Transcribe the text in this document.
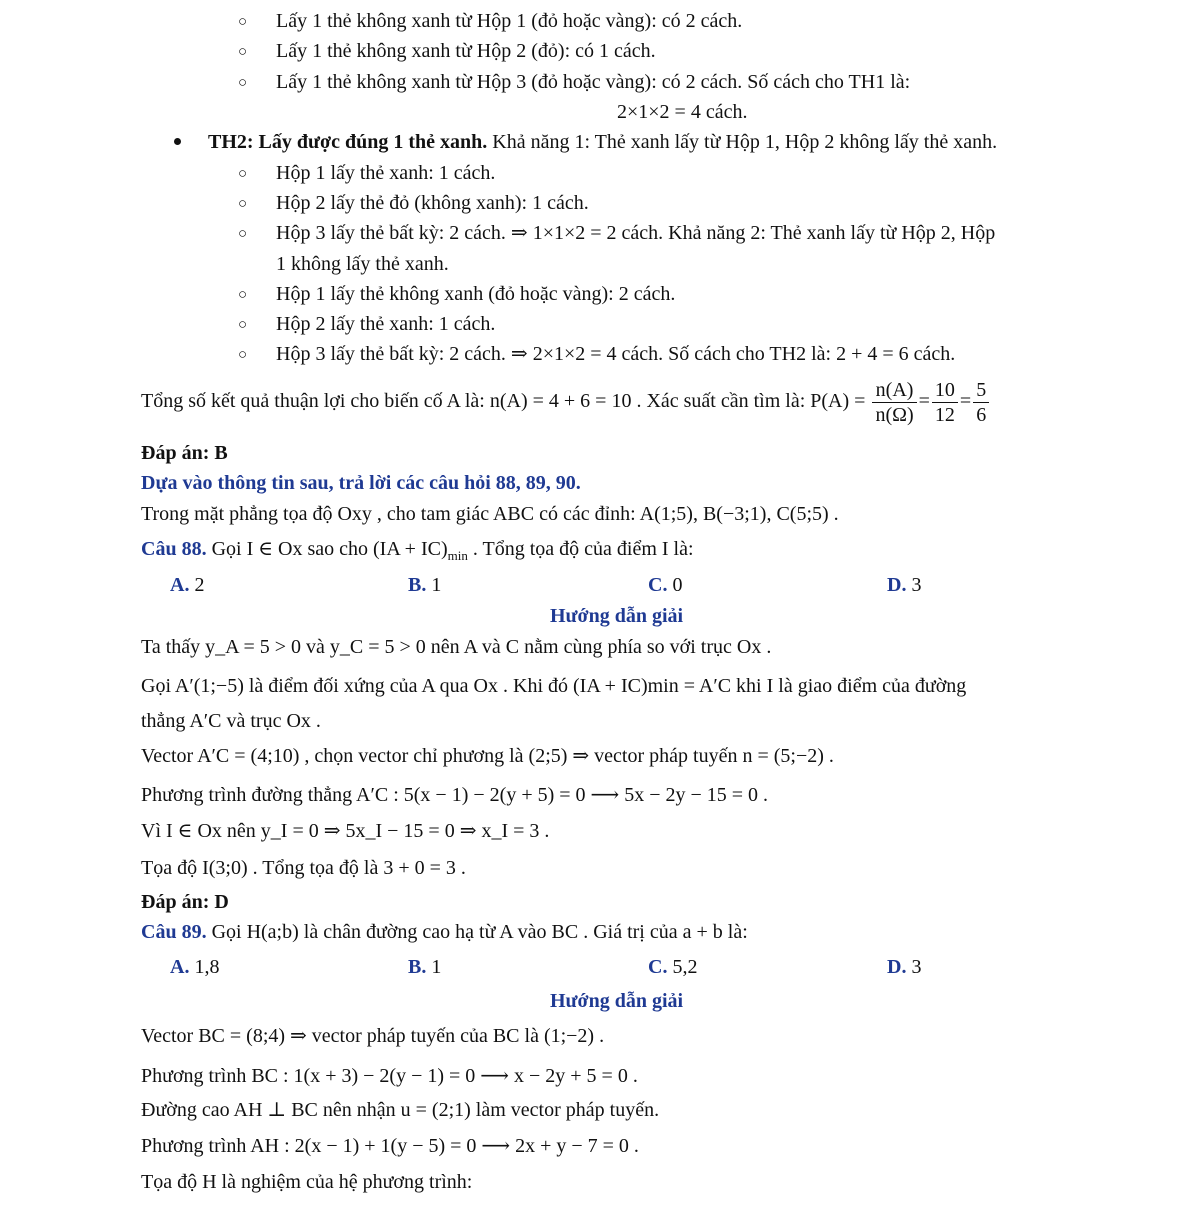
○ Lấy 1 thẻ không xanh từ Hộp 1 (đỏ hoặc vàng): có 2 cách.
○ Lấy 1 thẻ không xanh từ Hộp 2 (đỏ): có 1 cách.
○ Lấy 1 thẻ không xanh từ Hộp 3 (đỏ hoặc vàng): có 2 cách. Số cách cho TH1 là:
2×1×2 = 4 cách.
TH2: Lấy được đúng 1 thẻ xanh. Khả năng 1: Thẻ xanh lấy từ Hộp 1, Hộp 2 không lấy thẻ xanh.
○ Hộp 1 lấy thẻ xanh: 1 cách.
○ Hộp 2 lấy thẻ đỏ (không xanh): 1 cách.
○ Hộp 3 lấy thẻ bất kỳ: 2 cách. ⇒ 1×1×2 = 2 cách. Khả năng 2: Thẻ xanh lấy từ Hộp 2, Hộp
1 không lấy thẻ xanh.
○ Hộp 1 lấy thẻ không xanh (đỏ hoặc vàng): 2 cách.
○ Hộp 2 lấy thẻ xanh: 1 cách.
○ Hộp 3 lấy thẻ bất kỳ: 2 cách. ⇒ 2×1×2 = 4 cách. Số cách cho TH2 là: 2 + 4 = 6 cách.
Tổng số kết quả thuận lợi cho biến cố A là: n(A) = 4 + 6 = 10 . Xác suất cần tìm là: $P(A) = \frac{n(A)}{n(\Omega)} = \frac{10}{12} = \frac{5}{6}$
Đáp án: B
Dựa vào thông tin sau, trả lời các câu hỏi 88, 89, 90.
Trong mặt phẳng tọa độ Oxy , cho tam giác ABC có các đỉnh: A(1;5), B(−3;1), C(5;5) .
Câu 88. Gọi I ∈ Ox sao cho $(IA + IC)_{min}$ . Tổng tọa độ của điểm I là:
A. 2	B. 1	C. 0	D. 3
Hướng dẫn giải
Ta thấy y_A = 5 > 0 và y_C = 5 > 0 nên A và C nằm cùng phía so với trục Ox .
Gọi A′(1;−5) là điểm đối xứng của A qua Ox . Khi đó (IA + IC)min = A′C khi I là giao điểm của đường
thẳng A′C và trục Ox .
Vector A′C = (4;10) , chọn vector chỉ phương là (2;5) ⇒ vector pháp tuyến n = (5;−2) .
Phương trình đường thẳng A′C : 5(x − 1) − 2(y + 5) = 0 ⟶ 5x − 2y − 15 = 0 .
Vì I ∈ Ox nên y_I = 0 ⇒ 5x_I − 15 = 0 ⇒ x_I = 3 .
Tọa độ I(3;0) . Tổng tọa độ là 3 + 0 = 3 .
Đáp án: D
Câu 89. Gọi H(a;b) là chân đường cao hạ từ A vào BC . Giá trị của a + b là:
A. 1,8	B. 1	C. 5,2	D. 3
Hướng dẫn giải
Vector BC = (8;4) ⇒ vector pháp tuyến của BC là (1;−2) .
Phương trình BC : 1(x + 3) − 2(y − 1) = 0 ⟶ x − 2y + 5 = 0 .
Đường cao AH ⊥ BC nên nhận u = (2;1) làm vector pháp tuyến.
Phương trình AH : 2(x − 1) + 1(y − 5) = 0 ⟶ 2x + y − 7 = 0 .
Tọa độ H là nghiệm của hệ phương trình:
